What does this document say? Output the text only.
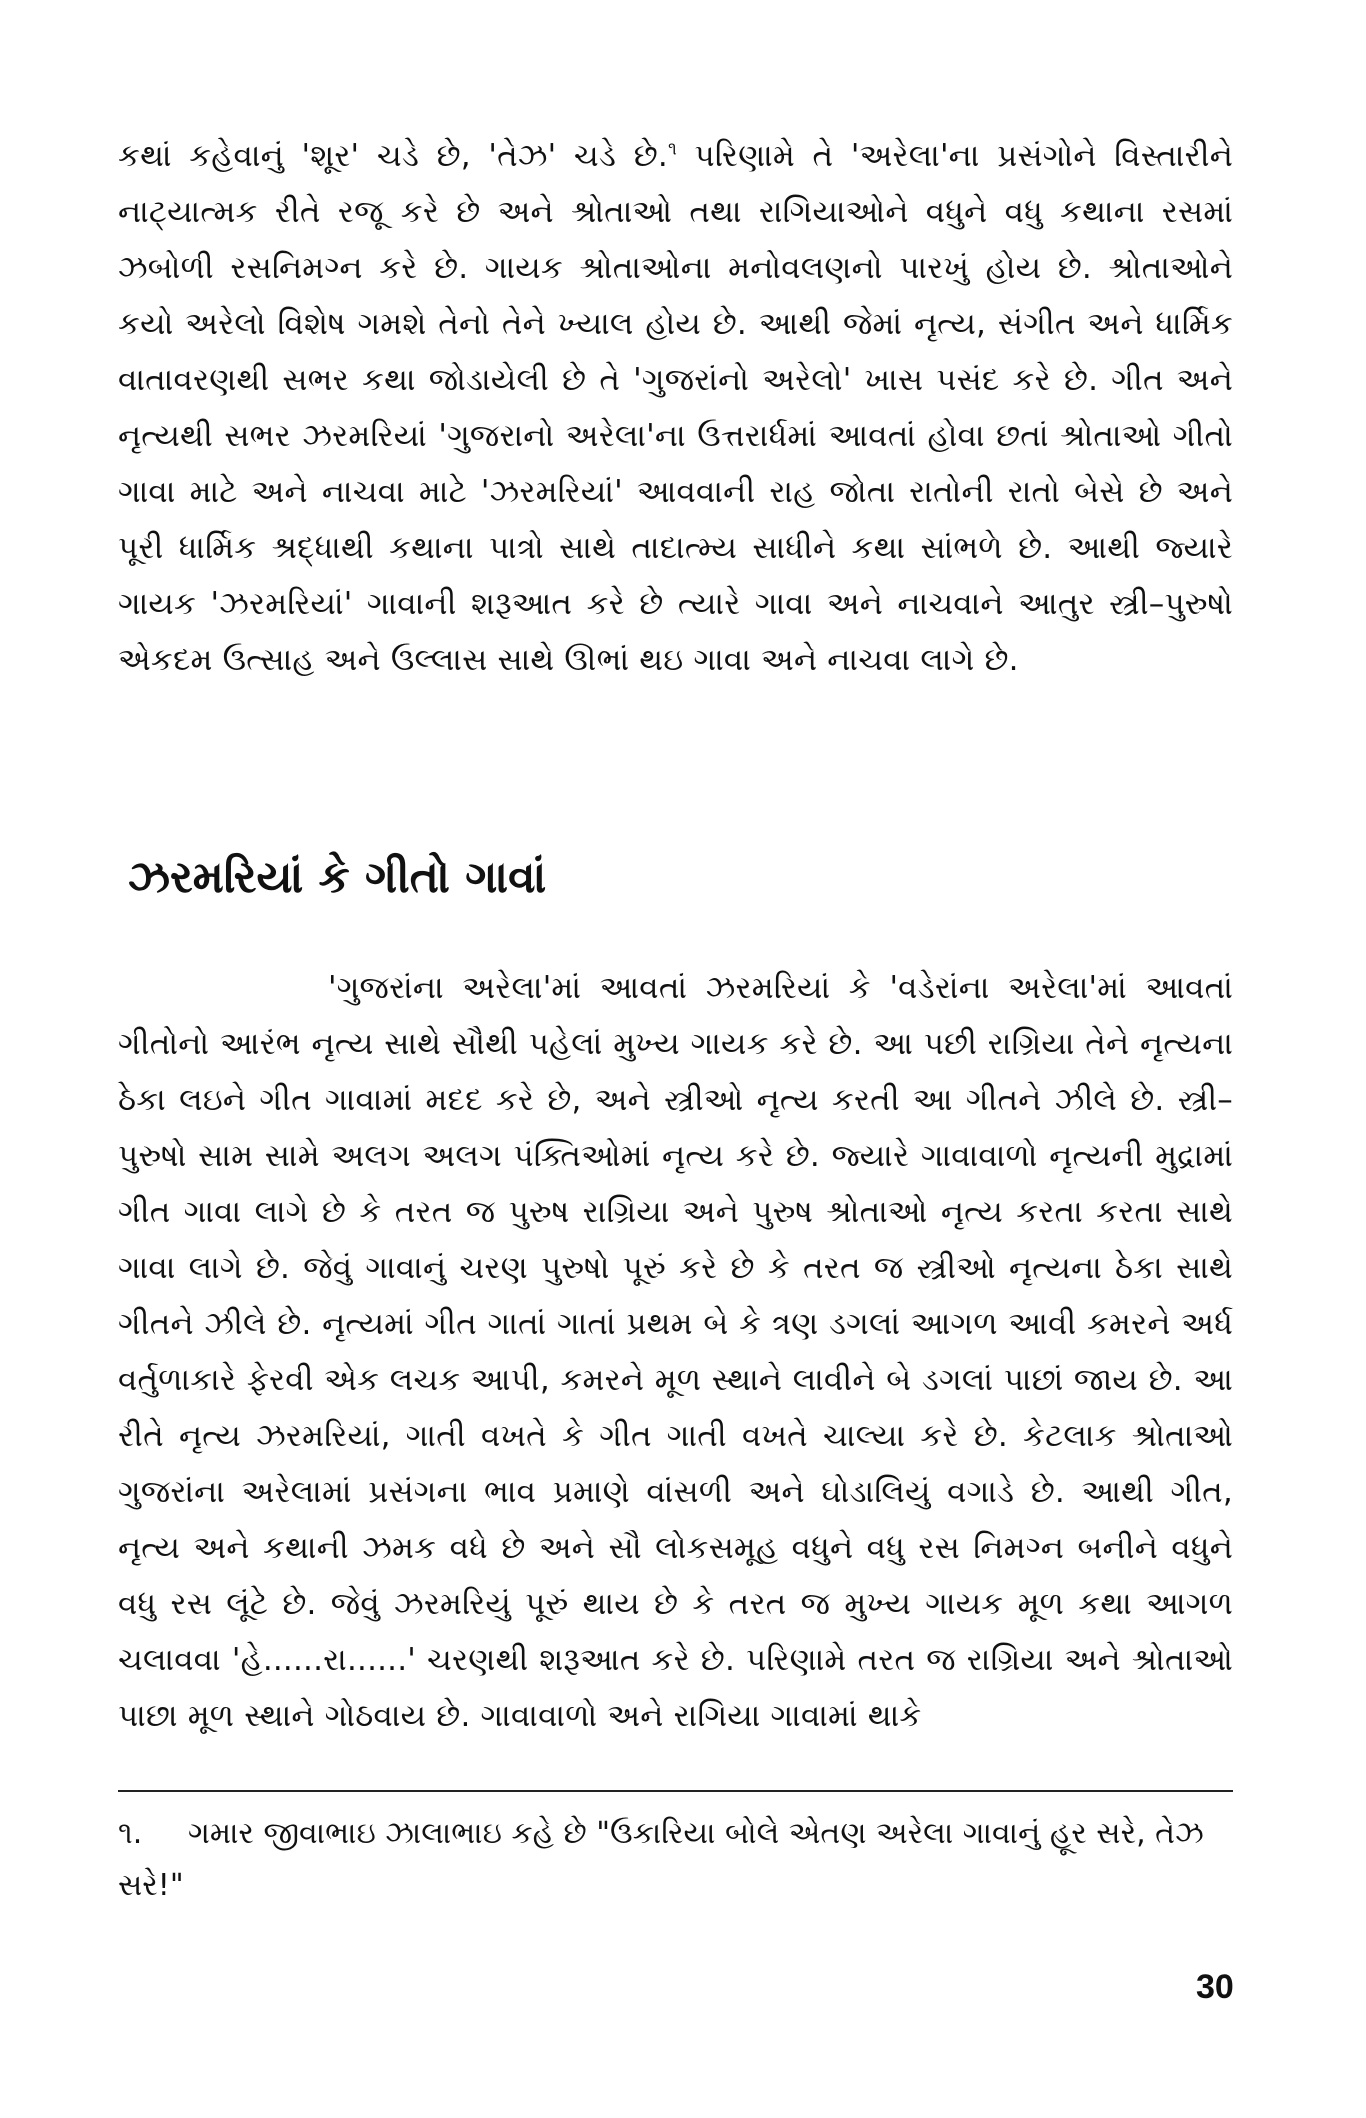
કથાં કહેવાનું 'શૂર' ચડે છે, 'તેઝ' ચડે છે.$^૧$ પરિણામે તે 'અરેલા'ના પ્રસંગોને વિસ્તારીને નાટ્યાત્મક રીતે રજૂ કરે છે અને શ્રોતાઓ તથા રાગિયાઓને વધુને વધુ કથાના રસમાં ઝબોળી રસનિમગ્ન કરે છે. ગાયક શ્રોતાઓના મનોવલણનો પારખું હોય છે. શ્રોતાઓને કયો અરેલો વિશેષ ગમશે તેનો તેને ખ્યાલ હોય છે. આથી જેમાં નૃત્ય, સંગીત અને ધાર્મિક વાતાવરણથી સભર કથા જોડાયેલી છે તે 'ગુજરાંનો અરેલો' ખાસ પસંદ કરે છે. ગીત અને નૃત્યથી સભર ઝરમરિયાં 'ગુજરાનો અરેલા'ના ઉત્તરાર્ધમાં આવતાં હોવા છતાં શ્રોતાઓ ગીતો ગાવા માટે અને નાચવા માટે 'ઝરમરિયાં' આવવાની રાહ જોતા રાતોની રાતો બેસે છે અને પૂરી ધાર્મિક શ્રદ્ધાથી કથાના પાત્રો સાથે તાદાત્મ્ય સાધીને કથા સાંભળે છે. આથી જ્યારે ગાયક 'ઝરમરિયાં' ગાવાની શરૂઆત કરે છે ત્યારે ગાવા અને નાચવાને આતુર સ્ત્રી–પુરુષો એકદમ ઉત્સાહ અને ઉલ્લાસ સાથે ઊભાં થઇ ગાવા અને નાચવા લાગે છે.

ઝરમરિયાં કે ગીતો ગાવાં

'ગુજરાંના અરેલા'માં આવતાં ઝરમરિયાં કે 'વડેરાંના અરેલા'માં આવતાં ગીતોનો આરંભ નૃત્ય સાથે સૌથી પહેલાં મુખ્ય ગાયક કરે છે. આ પછી રાગ્રિયા તેને નૃત્યના ઠેકા લઇને ગીત ગાવામાં મદદ કરે છે, અને સ્ત્રીઓ નૃત્ય કરતી આ ગીતને ઝીલે છે. સ્ત્રી–પુરુષો સામ સામે અલગ અલગ પંક્તિઓમાં નૃત્ય કરે છે. જ્યારે ગાવાવાળો નૃત્યની મુદ્રામાં ગીત ગાવા લાગે છે કે તરત જ પુરુષ રાગ્રિયા અને પુરુષ શ્રોતાઓ નૃત્ય કરતા કરતા સાથે ગાવા લાગે છે. જેવું ગાવાનું ચરણ પુરુષો પૂરું કરે છે કે તરત જ સ્ત્રીઓ નૃત્યના ઠેકા સાથે ગીતને ઝીલે છે. નૃત્યમાં ગીત ગાતાં ગાતાં પ્રથમ બે કે ત્રણ ડગલાં આગળ આવી કમરને અર્ધ વર્તુળાકારે ફેરવી એક લચક આપી, કમરને મૂળ સ્થાને લાવીને બે ડગલાં પાછાં જાય છે. આ રીતે નૃત્ય ઝરમરિયાં, ગાતી વખતે કે ગીત ગાતી વખતે ચાલ્યા કરે છે. કેટલાક શ્રોતાઓ ગુજરાંના અરેલામાં પ્રસંગના ભાવ પ્રમાણે વાંસળી અને ઘોડાલિયું વગાડે છે. આથી ગીત, નૃત્ય અને કથાની ઝમક વધે છે અને સૌ લોકસમૂહ વધુને વધુ રસ નિમગ્ન બનીને વધુને વધુ રસ લૂંટે છે. જેવું ઝરમરિયું પૂરું થાય છે કે તરત જ મુખ્ય ગાયક મૂળ કથા આગળ ચલાવવા 'હે......રા......' ચરણથી શરૂઆત કરે છે. પરિણામે તરત જ રાગ્રિયા અને શ્રોતાઓ પાછા મૂળ સ્થાને ગોઠવાય છે. ગાવાવાળો અને રાગિયા ગાવામાં થાકે

૧. ગમાર જીવાભાઇ ઝાલાભાઇ કહે છે "ઉકારિયા બોલે એતણ અરેલા ગાવાનું હૂર સરે, તેઝ સરે!"

30
